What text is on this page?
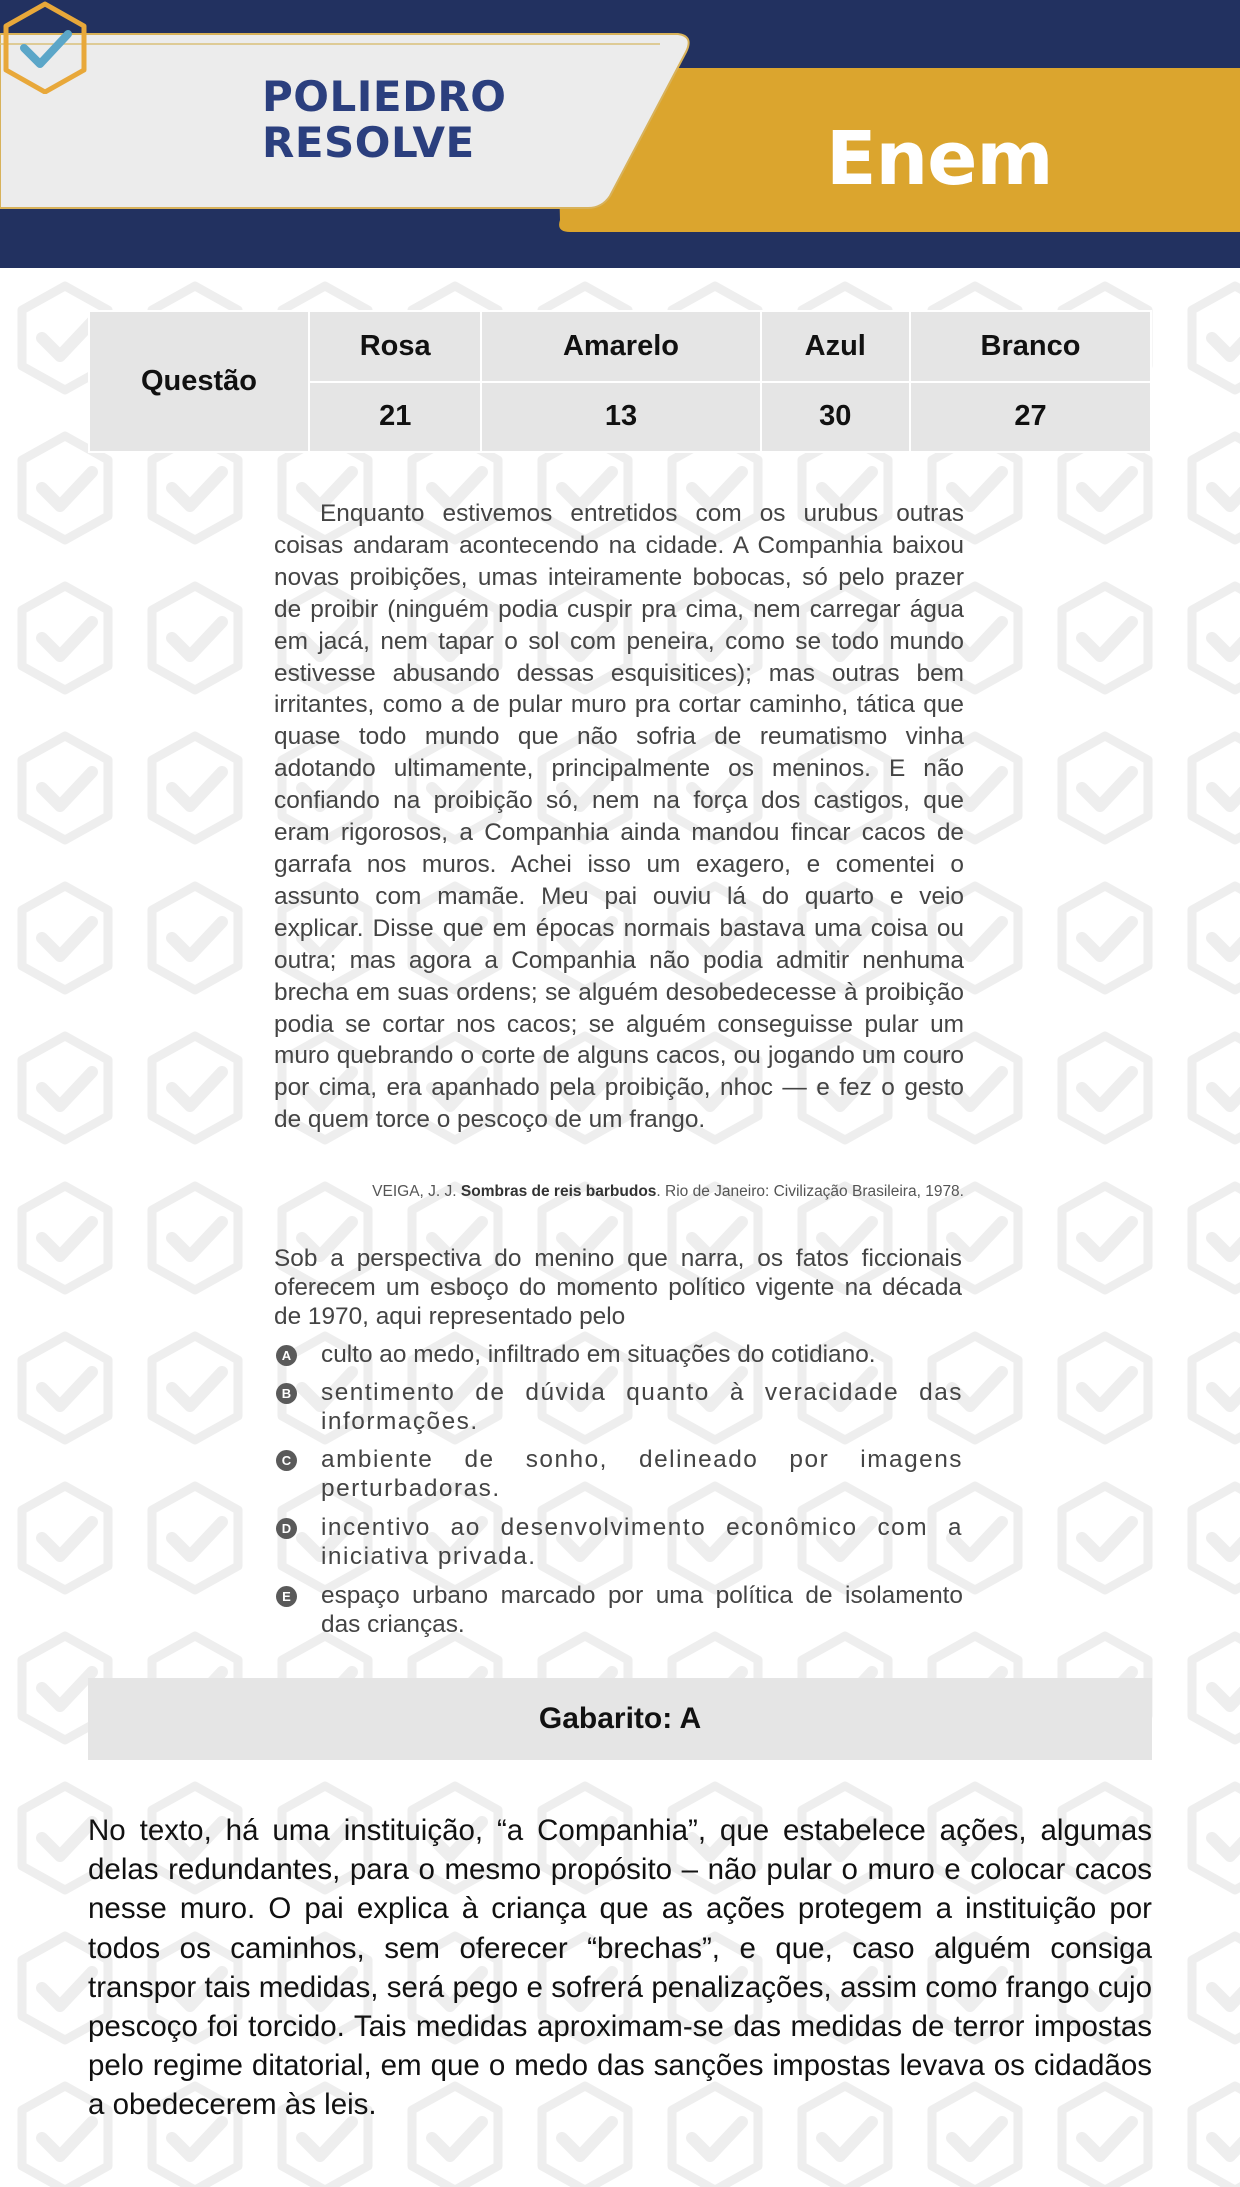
POLIEDRO
RESOLVE	Enem
Questão	Rosa	Amarelo	Azul	Branco
	21	13	30	27

Enquanto estivemos entretidos com os urubus outras coisas andaram acontecendo na cidade. A Companhia baixou novas proibições, umas inteiramente bobocas, só pelo prazer de proibir (ninguém podia cuspir pra cima, nem carregar água em jacá, nem tapar o sol com peneira, como se todo mundo estivesse abusando dessas esquisitices); mas outras bem irritantes, como a de pular muro pra cortar caminho, tática que quase todo mundo que não sofria de reumatismo vinha adotando ultimamente, principalmente os meninos. E não confiando na proibição só, nem na força dos castigos, que eram rigorosos, a Companhia ainda mandou fincar cacos de garrafa nos muros. Achei isso um exagero, e comentei o assunto com mamãe. Meu pai ouviu lá do quarto e veio explicar. Disse que em épocas normais bastava uma coisa ou outra; mas agora a Companhia não podia admitir nenhuma brecha em suas ordens; se alguém desobedecesse à proibição podia se cortar nos cacos; se alguém conseguisse pular um muro quebrando o corte de alguns cacos, ou jogando um couro por cima, era apanhado pela proibição, nhoc — e fez o gesto de quem torce o pescoço de um frango.

VEIGA, J. J. Sombras de reis barbudos. Rio de Janeiro: Civilização Brasileira, 1978.
Sob a perspectiva do menino que narra, os fatos ficcionais oferecem um esboço do momento político vigente na década de 1970, aqui representado pelo
A culto ao medo, infiltrado em situações do cotidiano.
B sentimento de dúvida quanto à veracidade das informações.
C ambiente de sonho, delineado por imagens perturbadoras.
D incentivo ao desenvolvimento econômico com a iniciativa privada.
E espaço urbano marcado por uma política de isolamento das crianças.
Gabarito: A
No texto, há uma instituição, “a Companhia”, que estabelece ações, algumas delas redundantes, para o mesmo propósito – não pular o muro e colocar cacos nesse muro. O pai explica à criança que as ações protegem a instituição por todos os caminhos, sem oferecer “brechas”, e que, caso alguém consiga transpor tais medidas, será pego e sofrerá penalizações, assim como frango cujo pescoço foi torcido. Tais medidas aproximam-se das medidas de terror impostas pelo regime ditatorial, em que o medo das sanções impostas levava os cidadãos a obedecerem às leis.
